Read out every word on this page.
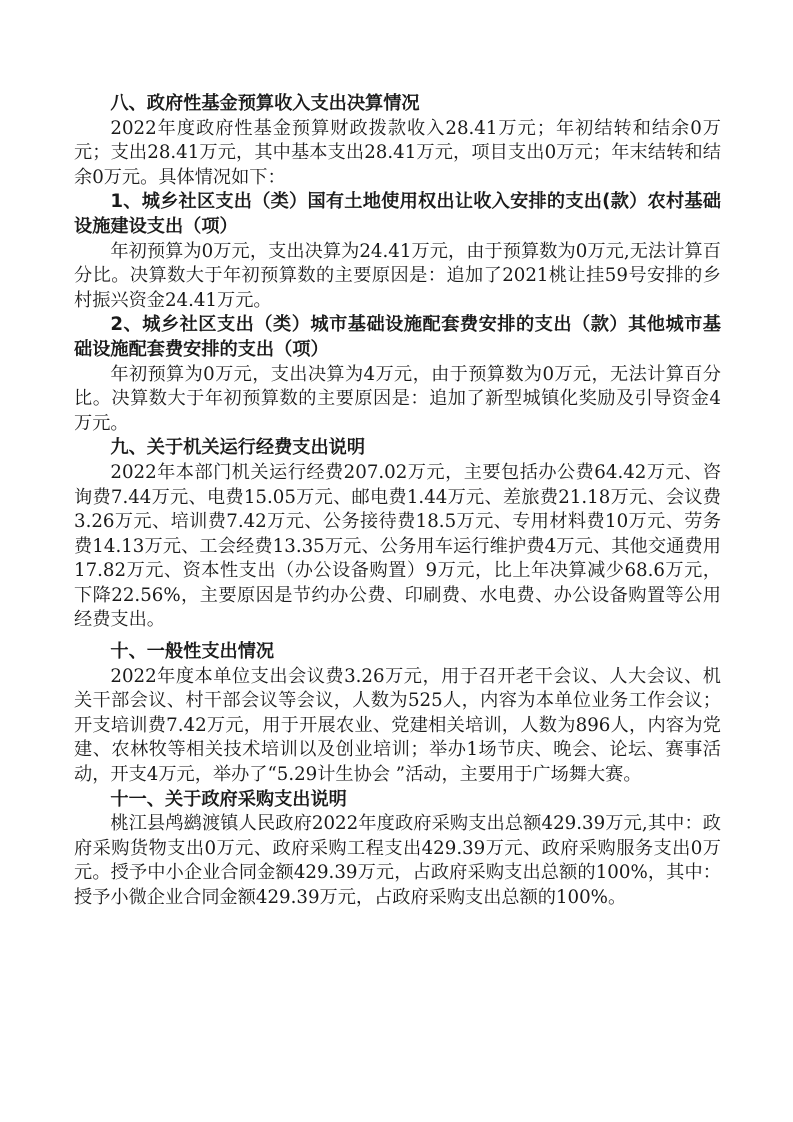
八、政府性基金预算收入支出决算情况

2022年度政府性基金预算财政拨款收入28.41万元；年初结转和结余0万元；支出28.41万元，其中基本支出28.41万元，项目支出0万元；年末结转和结余0万元。具体情况如下：

1、城乡社区支出（类）国有土地使用权出让收入安排的支出(款）农村基础设施建设支出（项）

年初预算为0万元，支出决算为24.41万元，由于预算数为0万元,无法计算百分比。决算数大于年初预算数的主要原因是：追加了2021桃让挂59号安排的乡村振兴资金24.41万元。

2、城乡社区支出（类）城市基础设施配套费安排的支出（款）其他城市基础设施配套费安排的支出（项）

年初预算为0万元，支出决算为4万元，由于预算数为0万元，无法计算百分比。决算数大于年初预算数的主要原因是：追加了新型城镇化奖励及引导资金4万元。

九、关于机关运行经费支出说明

2022年本部门机关运行经费207.02万元，主要包括办公费64.42万元、咨询费7.44万元、电费15.05万元、邮电费1.44万元、差旅费21.18万元、会议费3.26万元、培训费7.42万元、公务接待费18.5万元、专用材料费10万元、劳务费14.13万元、工会经费13.35万元、公务用车运行维护费4万元、其他交通费用17.82万元、资本性支出（办公设备购置）9万元，比上年决算减少68.6万元，下降22.56%，主要原因是节约办公费、印刷费、水电费、办公设备购置等公用经费支出。

十、一般性支出情况

2022年度本单位支出会议费3.26万元，用于召开老干会议、人大会议、机关干部会议、村干部会议等会议，人数为525人，内容为本单位业务工作会议；开支培训费7.42万元，用于开展农业、党建相关培训，人数为896人，内容为党建、农林牧等相关技术培训以及创业培训；举办1场节庆、晚会、论坛、赛事活动，开支4万元，举办了“5.29计生协会 ”活动，主要用于广场舞大赛。

十一、关于政府采购支出说明

桃江县鸬鹚渡镇人民政府2022年度政府采购支出总额429.39万元,其中：政府采购货物支出0万元、政府采购工程支出429.39万元、政府采购服务支出0万元。授予中小企业合同金额429.39万元，占政府采购支出总额的100%，其中：授予小微企业合同金额429.39万元，占政府采购支出总额的100%。
